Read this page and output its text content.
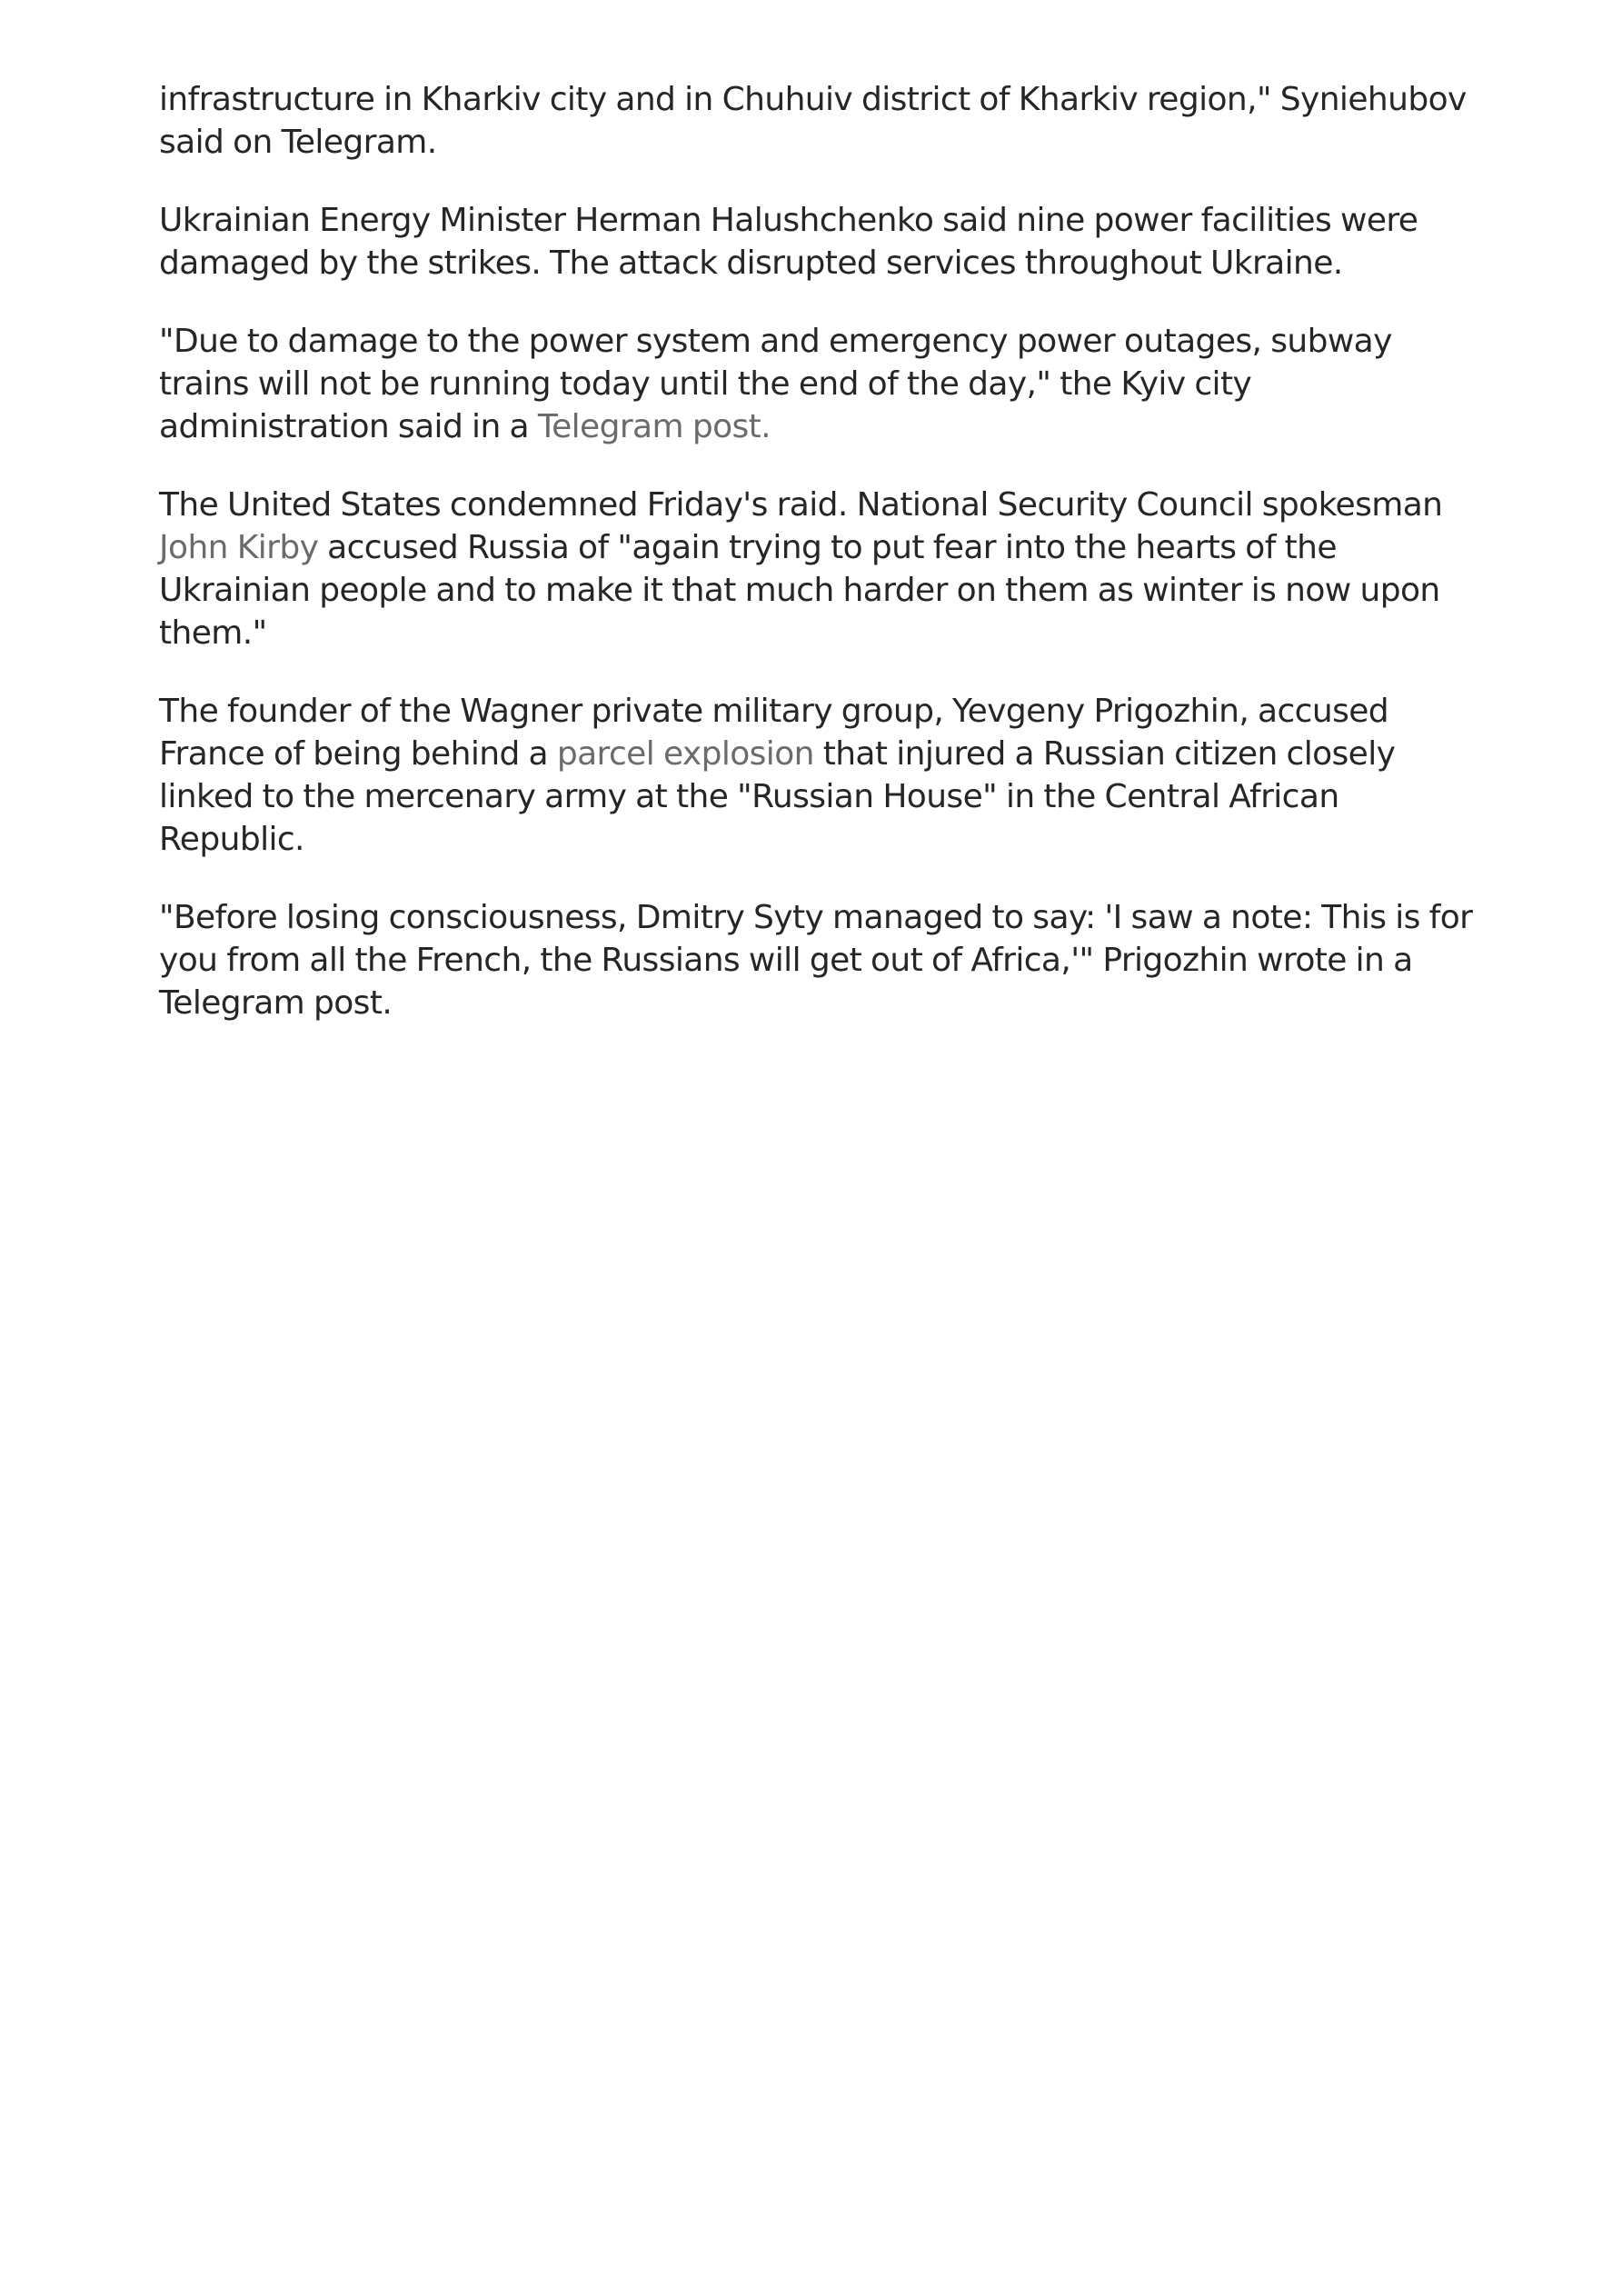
infrastructure in Kharkiv city and in Chuhuiv district of Kharkiv region," Syniehubov said on Telegram.

Ukrainian Energy Minister Herman Halushchenko said nine power facilities were damaged by the strikes. The attack disrupted services throughout Ukraine.

"Due to damage to the power system and emergency power outages, subway trains will not be running today until the end of the day," the Kyiv city administration said in a Telegram post.

The United States condemned Friday's raid. National Security Council spokesman John Kirby accused Russia of "again trying to put fear into the hearts of the Ukrainian people and to make it that much harder on them as winter is now upon them."

The founder of the Wagner private military group, Yevgeny Prigozhin, accused France of being behind a parcel explosion that injured a Russian citizen closely linked to the mercenary army at the "Russian House" in the Central African Republic.

"Before losing consciousness, Dmitry Syty managed to say: 'I saw a note: This is for you from all the French, the Russians will get out of Africa,'" Prigozhin wrote in a Telegram post.
